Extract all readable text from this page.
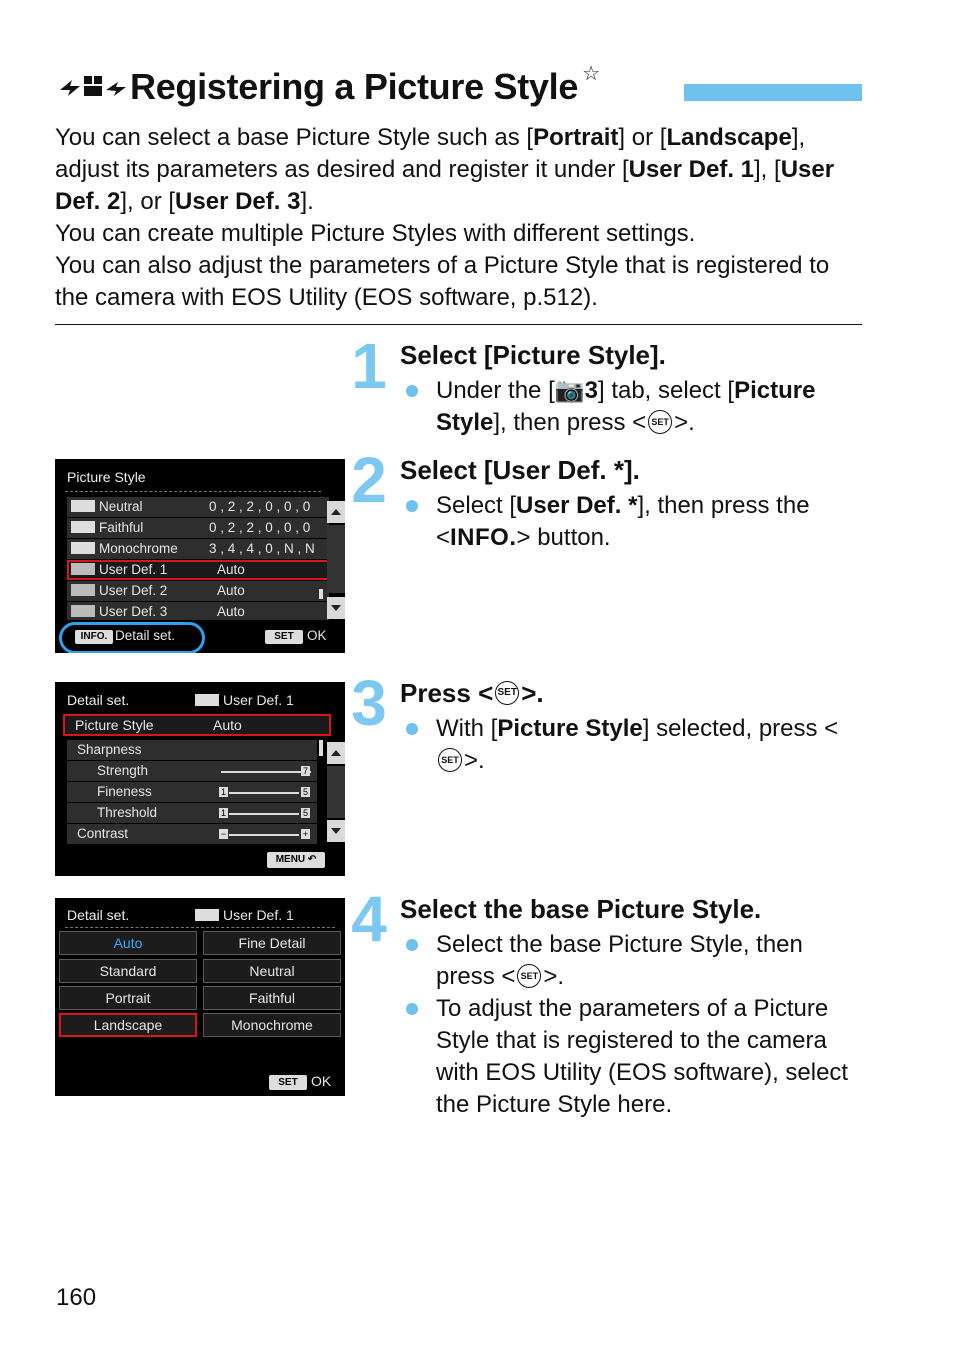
Registering a Picture Style ☆
You can select a base Picture Style such as [Portrait] or [Landscape], adjust its parameters as desired and register it under [User Def. 1], [User Def. 2], or [User Def. 3].
You can create multiple Picture Styles with different settings.
You can also adjust the parameters of a Picture Style that is registered to the camera with EOS Utility (EOS software, p.512).
1 Select [Picture Style].
Under the [📷3] tab, select [Picture Style], then press < SET >.
2 Select [User Def. *].
Select [User Def. *], then press the <INFO.> button.
Picture Style
Neutral	0 , 2 , 2 , 0 , 0 , 0
Faithful	0 , 2 , 2 , 0 , 0 , 0
Monochrome 3 , 4 , 4 , 0 , N , N
User Def. 1	Auto
User Def. 2	Auto
User Def. 3	Auto
INFO. Detail set.	SET OK
3 Press < SET >.
With [Picture Style] selected, press <SET >.
Detail set.	User Def. 1
Picture Style	Auto
Sharpness
Strength	7
Fineness	1	5
Threshold	1	5
Contrast	−	+
MENU ↶
4 Select the base Picture Style.
Select the base Picture Style, then press < SET >.
To adjust the parameters of a Picture Style that is registered to the camera with EOS Utility (EOS software), select the Picture Style here.
Detail set.	User Def. 1
Auto	Fine Detail
Standard	Neutral
Portrait	Faithful
Landscape	Monochrome
SET OK
160
